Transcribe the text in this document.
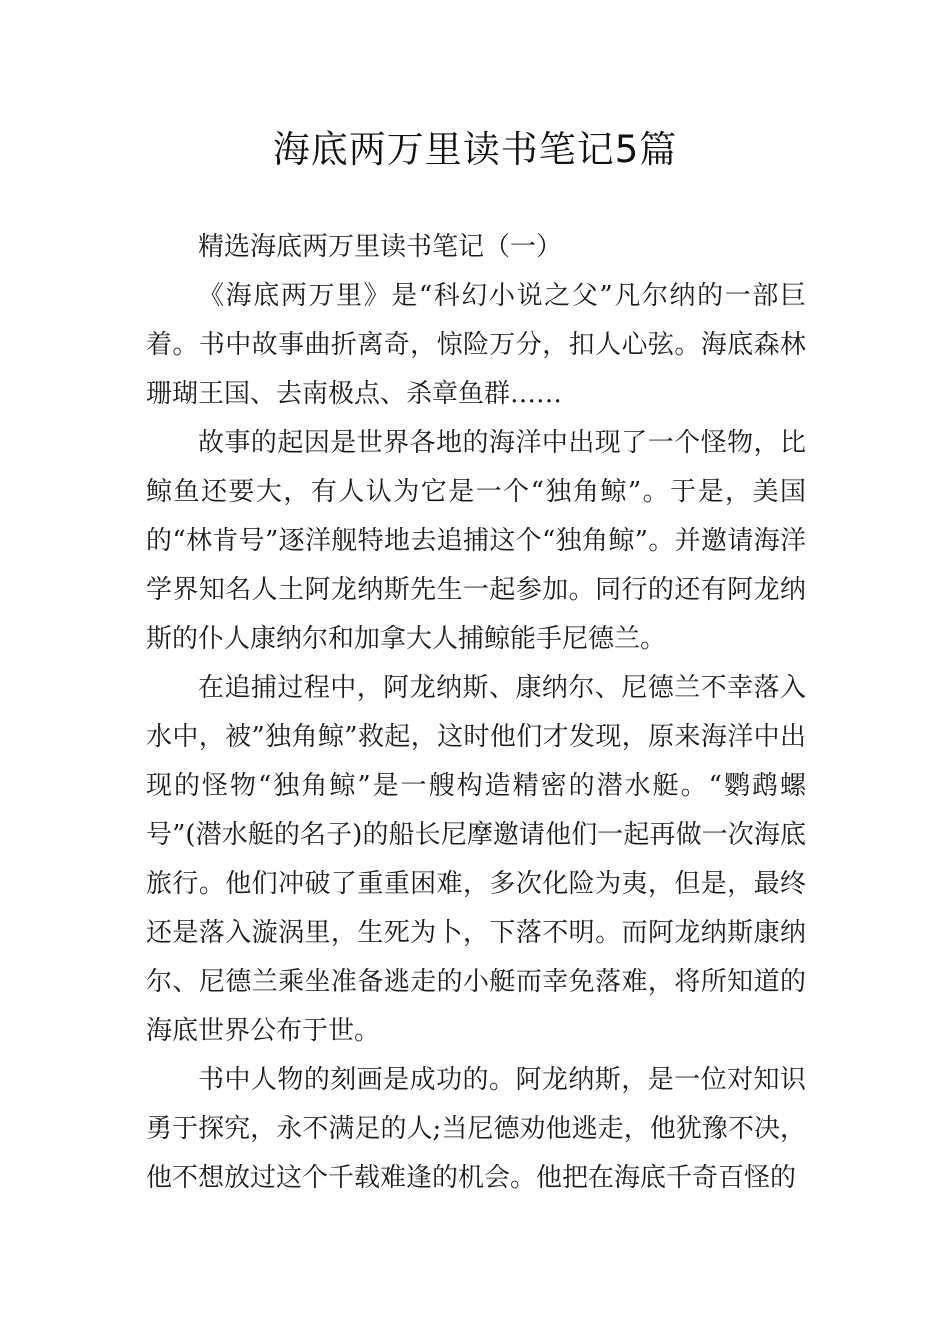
海底两万里读书笔记5篇

精选海底两万里读书笔记（一）

《海底两万里》是“科幻小说之父”凡尔纳的一部巨着。书中故事曲折离奇，惊险万分，扣人心弦。海底森林珊瑚王国、去南极点、杀章鱼群……

故事的起因是世界各地的海洋中出现了一个怪物，比鲸鱼还要大，有人认为它是一个“独角鲸”。于是，美国的“林肯号”逐洋舰特地去追捕这个“独角鲸”。并邀请海洋学界知名人土阿龙纳斯先生一起参加。同行的还有阿龙纳斯的仆人康纳尔和加拿大人捕鲸能手尼德兰。

在追捕过程中，阿龙纳斯、康纳尔、尼德兰不幸落入水中，被”独角鲸”救起，这时他们才发现，原来海洋中出现的怪物“独角鲸”是一艘构造精密的潜水艇。“鹦鹉螺号”(潜水艇的名子)的船长尼摩邀请他们一起再做一次海底旅行。他们冲破了重重困难，多次化险为夷，但是，最终还是落入漩涡里，生死为卜，下落不明。而阿龙纳斯康纳尔、尼德兰乘坐准备逃走的小艇而幸免落难，将所知道的海底世界公布于世。

书中人物的刻画是成功的。阿龙纳斯，是一位对知识勇于探究，永不满足的人;当尼德劝他逃走，他犹豫不决，他不想放过这个千载难逢的机会。他把在海底千奇百怪的
